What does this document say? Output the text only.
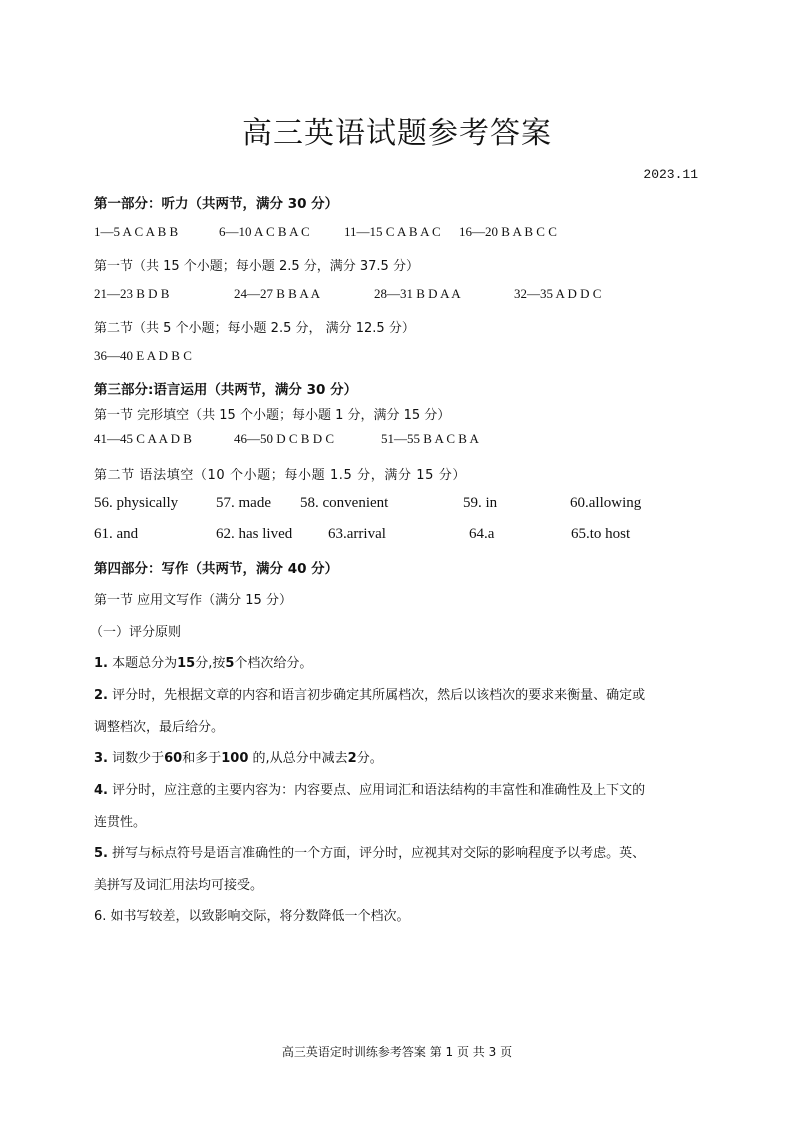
高三英语试题参考答案
2023.11
第一部分：听力（共两节，满分 30 分）
1—5 A C A B B	6—10 A C B A C	11—15 C A B A C 16—20 B A B C C
第一节（共 15 个小题；每小题 2.5 分，满分 37.5 分）
21—23 B D B	24—27 B B A A	28—31 B D A A	32—35 A D D C
第二节（共 5 个小题；每小题 2.5 分， 满分 12.5 分）
36—40 E A D B C
第三部分:语言运用（共两节，满分 30 分）
第一节 完形填空（共 15 个小题；每小题 1 分，满分 15 分）
41—45 C A A D B	46—50 D C B D C	51—55 B A C B A
第二节 语法填空（10 个小题；每小题 1.5 分，满分 15 分）
56. physically	57. made 58. convenient	59. in	60.allowing
61. and	62. has lived 63.arrival	64.a	65.to host
第四部分：写作（共两节，满分 40 分）
第一节 应用文写作（满分 15 分）
（一）评分原则
1. 本题总分为15分,按5个档次给分。
2. 评分时，先根据文章的内容和语言初步确定其所属档次，然后以该档次的要求来衡量、确定或
调整档次，最后给分。
3. 词数少于60和多于100 的,从总分中减去2分。
4. 评分时，应注意的主要内容为：内容要点、应用词汇和语法结构的丰富性和准确性及上下文的
连贯性。
5. 拼写与标点符号是语言准确性的一个方面，评分时，应视其对交际的影响程度予以考虑。英、
美拼写及词汇用法均可接受。
6. 如书写较差，以致影响交际，将分数降低一个档次。
高三英语定时训练参考答案 第 1 页 共 3 页
